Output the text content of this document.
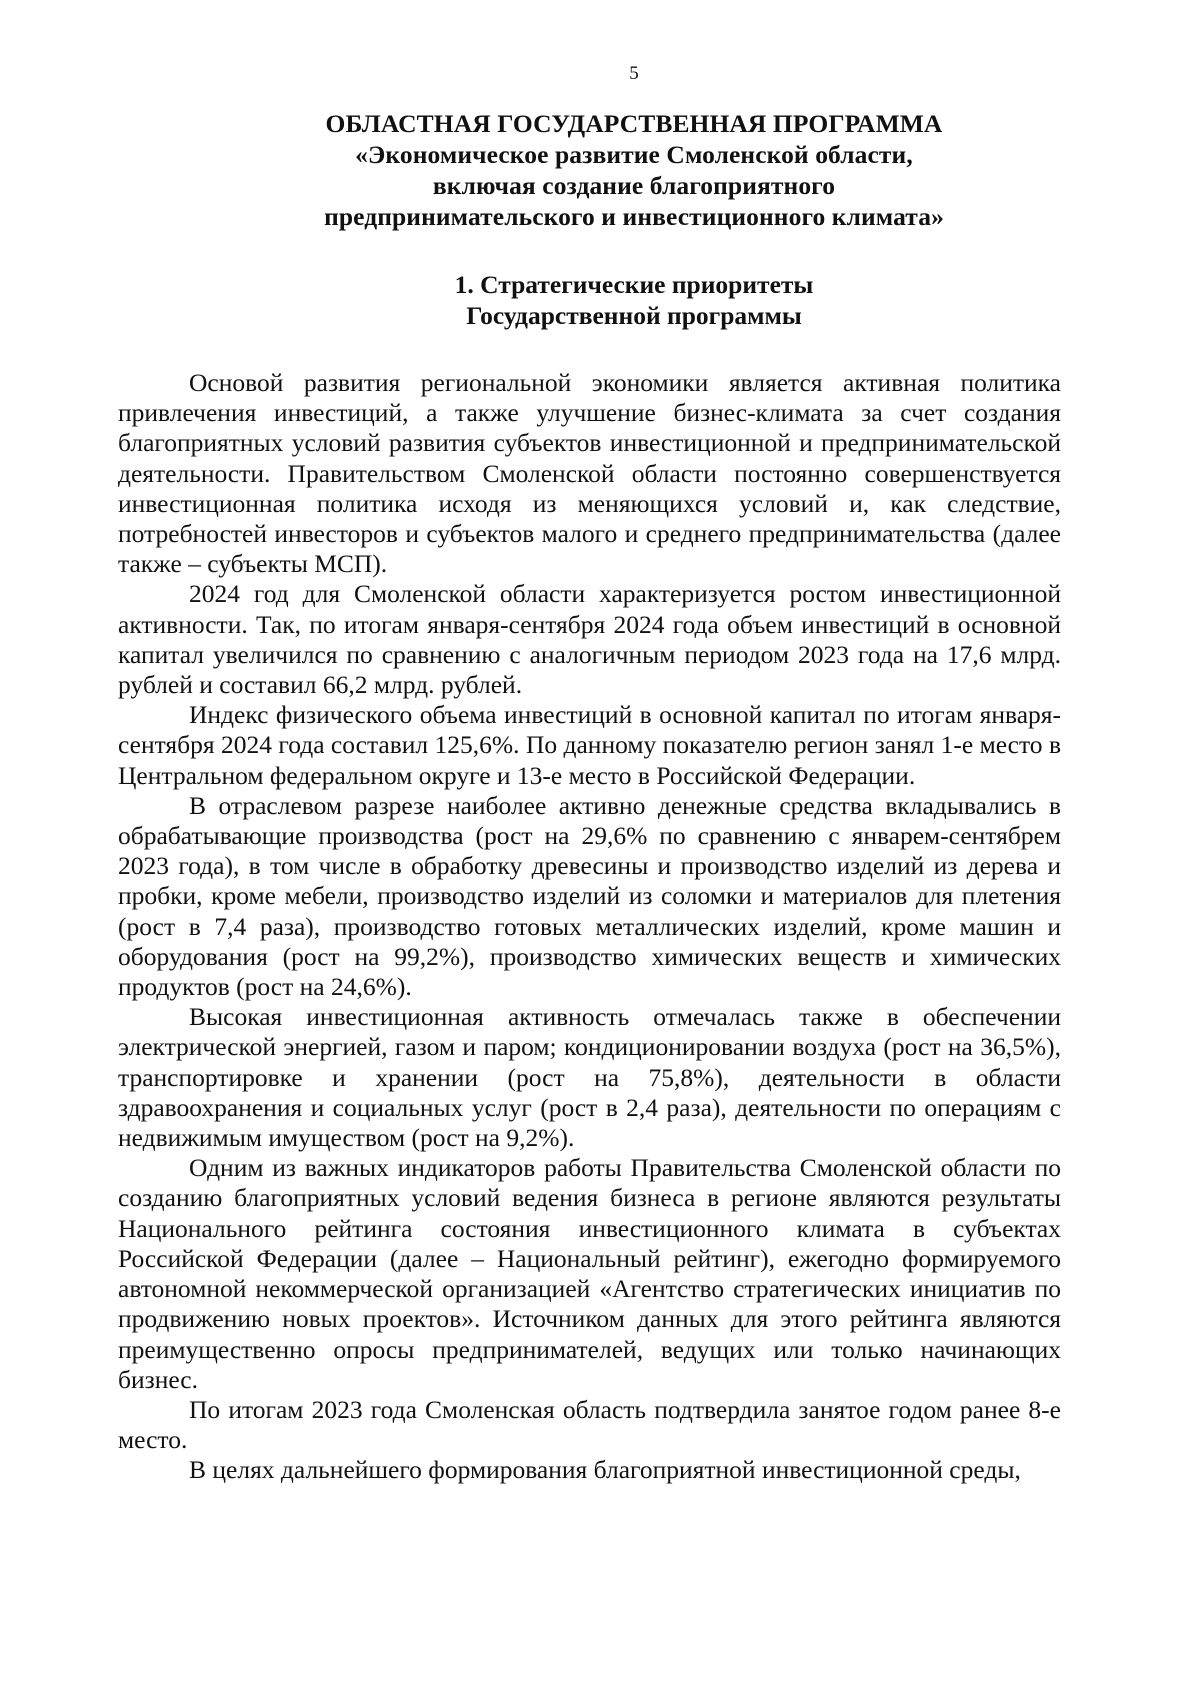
5

ОБЛАСТНАЯ ГОСУДАРСТВЕННАЯ ПРОГРАММА
«Экономическое развитие Смоленской области,
включая создание благоприятного
предпринимательского и инвестиционного климата»
1. Стратегические приоритеты
Государственной программы

Основой развития региональной экономики является активная политика привлечения инвестиций, а также улучшение бизнес-климата за счет создания благоприятных условий развития субъектов инвестиционной и предпринимательской деятельности. Правительством Смоленской области постоянно совершенствуется инвестиционная политика исходя из меняющихся условий и, как следствие, потребностей инвесторов и субъектов малого и среднего предпринимательства (далее также – субъекты МСП).

2024 год для Смоленской области характеризуется ростом инвестиционной активности. Так, по итогам января-сентября 2024 года объем инвестиций в основной капитал увеличился по сравнению с аналогичным периодом 2023 года на 17,6 млрд. рублей и составил 66,2 млрд. рублей.

Индекс физического объема инвестиций в основной капитал по итогам января-сентября 2024 года составил 125,6%. По данному показателю регион занял 1-е место в Центральном федеральном округе и 13-е место в Российской Федерации.

В отраслевом разрезе наиболее активно денежные средства вкладывались в обрабатывающие производства (рост на 29,6% по сравнению с январем-сентябрем 2023 года), в том числе в обработку древесины и производство изделий из дерева и пробки, кроме мебели, производство изделий из соломки и материалов для плетения (рост в 7,4 раза), производство готовых металлических изделий, кроме машин и оборудования (рост на 99,2%), производство химических веществ и химических продуктов (рост на 24,6%).

Высокая инвестиционная активность отмечалась также в обеспечении электрической энергией, газом и паром; кондиционировании воздуха (рост на 36,5%), транспортировке и хранении (рост на 75,8%), деятельности в области здравоохранения и социальных услуг (рост в 2,4 раза), деятельности по операциям с недвижимым имуществом (рост на 9,2%).

Одним из важных индикаторов работы Правительства Смоленской области по созданию благоприятных условий ведения бизнеса в регионе являются результаты Национального рейтинга состояния инвестиционного климата в субъектах Российской Федерации (далее – Национальный рейтинг), ежегодно формируемого автономной некоммерческой организацией «Агентство стратегических инициатив по продвижению новых проектов». Источником данных для этого рейтинга являются преимущественно опросы предпринимателей, ведущих или только начинающих бизнес.

По итогам 2023 года Смоленская область подтвердила занятое годом ранее 8-е место.

В целях дальнейшего формирования благоприятной инвестиционной среды,
